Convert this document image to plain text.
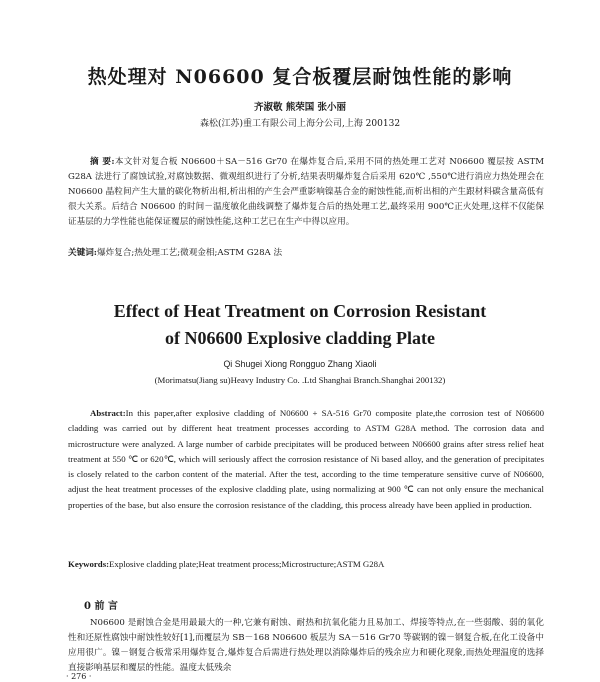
热处理对 N06600 复合板覆层耐蚀性能的影响
齐淑敬 熊荣国 张小丽
森松(江苏)重工有限公司上海分公司,上海 200132
摘 要:本文针对复合板 N06600＋SA－516 Gr70 在爆炸复合后,采用不同的热处理工艺对 N06600 覆层按 ASTM G28A 法进行了腐蚀试验,对腐蚀数据、微观组织进行了分析,结果表明爆炸复合后采用 620℃ ,550℃进行消应力热处理会在 N06600 晶粒间产生大量的碳化物析出相,析出相的产生会严重影响镍基合金的耐蚀性能,而析出相的产生跟材料碳含量高低有很大关系。后结合 N06600 的时间－温度敏化曲线调整了爆炸复合后的热处理工艺,最终采用 900℃正火处理,这样不仅能保证基层的力学性能也能保证覆层的耐蚀性能,这种工艺已在生产中得以应用。
关键词:爆炸复合;热处理工艺;微观金相;ASTM G28A 法
Effect of Heat Treatment on Corrosion Resistant
of N06600 Explosive cladding Plate
Qi Shugei Xiong Rongguo Zhang Xiaoli
(Morimatsu(Jiang su)Heavy Industry Co. .Ltd Shanghai Branch.Shanghai 200132)
Abstract:In this paper,after explosive cladding of N06600 + SA-516 Gr70 composite plate,the corrosion test of N06600 cladding was carried out by different heat treatment processes according to ASTM G28A method. The corrosion data and microstructure were analyzed. A large number of carbide precipitates will be produced between N06600 grains after stress relief heat treatment at 550 ℃ or 620℃, which will seriously affect the corrosion resistance of Ni based alloy, and the generation of precipitates is closely related to the carbon content of the material. After the test, according to the time temperature sensitive curve of N06600, adjust the heat treatment processes of the explosive cladding plate, using normalizing at 900 ℃ can not only ensure the mechanical properties of the base, but also ensure the corrosion resistance of the cladding, this process already have been applied in production.
Keywords:Explosive cladding plate;Heat treatment process;Microstructure;ASTM G28A
0 前 言
N06600 是耐蚀合金是用最最大的一种,它兼有耐蚀、耐热和抗氧化能力且易加工、焊接等特点,在一些弱酸、弱的氧化性和还原性腐蚀中耐蚀性较好[1],而覆层为 SB－168 N06600 板层为 SA－516 Gr70 等碳钢的镍－钢复合板,在化工设备中应用很广。镍－钢复合板常采用爆炸复合,爆炸复合后需进行热处理以消除爆炸后的残余应力和硬化现象,而热处理温度的选择直接影响基层和覆层的性能。温度太低残余
· 276 ·
